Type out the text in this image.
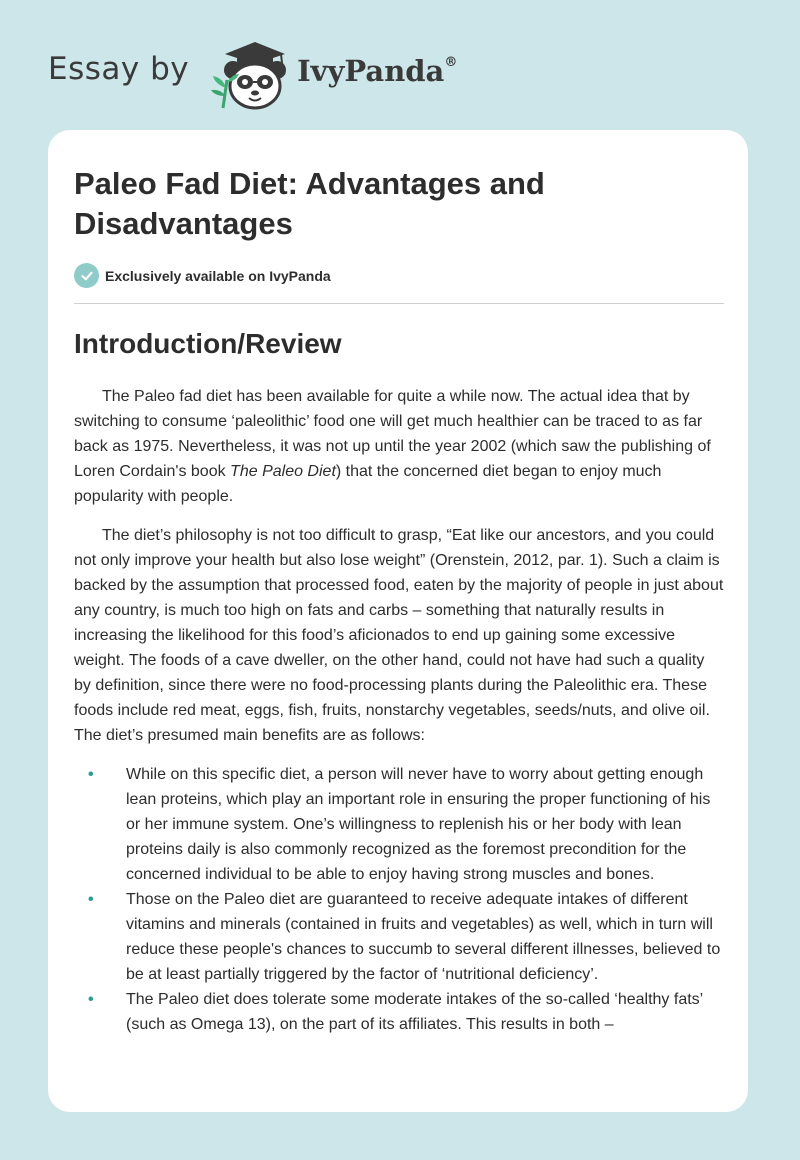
Essay by	IvyPanda®
Paleo Fad Diet: Advantages and Disadvantages
Exclusively available on IvyPanda
Introduction/Review

The Paleo fad diet has been available for quite a while now. The actual idea that by switching to consume ‘paleolithic’ food one will get much healthier can be traced to as far back as 1975. Nevertheless, it was not up until the year 2002 (which saw the publishing of Loren Cordain's book The Paleo Diet) that the concerned diet began to enjoy much popularity with people.

The diet’s philosophy is not too difficult to grasp, “Eat like our ancestors, and you could not only improve your health but also lose weight” (Orenstein, 2012, par. 1). Such a claim is backed by the assumption that processed food, eaten by the majority of people in just about any country, is much too high on fats and carbs – something that naturally results in increasing the likelihood for this food’s aficionados to end up gaining some excessive weight. The foods of a cave dweller, on the other hand, could not have had such a quality by definition, since there were no food-processing plants during the Paleolithic era. These foods include red meat, eggs, fish, fruits, nonstarchy vegetables, seeds/nuts, and olive oil. The diet’s presumed main benefits are as follows:

• While on this specific diet, a person will never have to worry about getting enough lean proteins, which play an important role in ensuring the proper functioning of his or her immune system. One’s willingness to replenish his or her body with lean proteins daily is also commonly recognized as the foremost precondition for the concerned individual to be able to enjoy having strong muscles and bones.
• Those on the Paleo diet are guaranteed to receive adequate intakes of different vitamins and minerals (contained in fruits and vegetables) as well, which in turn will reduce these people's chances to succumb to several different illnesses, believed to be at least partially triggered by the factor of ‘nutritional deficiency’.
• The Paleo diet does tolerate some moderate intakes of the so-called ‘healthy fats’ (such as Omega 13), on the part of its affiliates. This results in both –
